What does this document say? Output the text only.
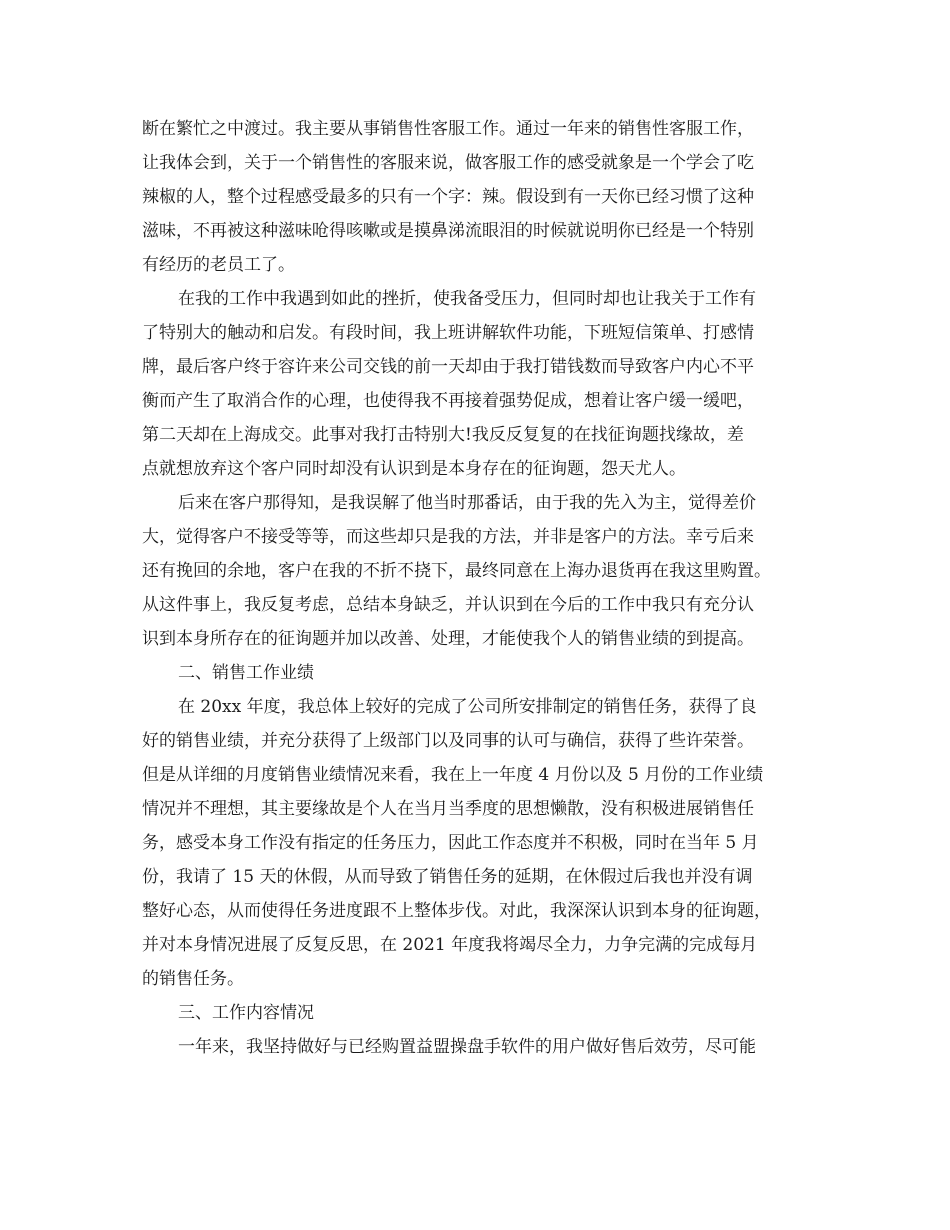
断在繁忙之中渡过。我主要从事销售性客服工作。通过一年来的销售性客服工作，
让我体会到，关于一个销售性的客服来说，做客服工作的感受就象是一个学会了吃
辣椒的人，整个过程感受最多的只有一个字：辣。假设到有一天你已经习惯了这种
滋味，不再被这种滋味呛得咳嗽或是摸鼻涕流眼泪的时候就说明你已经是一个特别
有经历的老员工了。
在我的工作中我遇到如此的挫折，使我备受压力，但同时却也让我关于工作有
了特别大的触动和启发。有段时间，我上班讲解软件功能，下班短信策单、打感情
牌，最后客户终于容许来公司交钱的前一天却由于我打错钱数而导致客户内心不平
衡而产生了取消合作的心理，也使得我不再接着强势促成，想着让客户缓一缓吧，
第二天却在上海成交。此事对我打击特别大!我反反复复的在找征询题找缘故，差
点就想放弃这个客户同时却没有认识到是本身存在的征询题，怨天尤人。
后来在客户那得知，是我误解了他当时那番话，由于我的先入为主，觉得差价
大，觉得客户不接受等等，而这些却只是我的方法，并非是客户的方法。幸亏后来
还有挽回的余地，客户在我的不折不挠下，最终同意在上海办退货再在我这里购置。
从这件事上，我反复考虑，总结本身缺乏，并认识到在今后的工作中我只有充分认
识到本身所存在的征询题并加以改善、处理，才能使我个人的销售业绩的到提高。
二、销售工作业绩
在 20xx 年度，我总体上较好的完成了公司所安排制定的销售任务，获得了良
好的销售业绩，并充分获得了上级部门以及同事的认可与确信，获得了些许荣誉。
但是从详细的月度销售业绩情况来看，我在上一年度 4 月份以及 5 月份的工作业绩
情况并不理想，其主要缘故是个人在当月当季度的思想懒散，没有积极进展销售任
务，感受本身工作没有指定的任务压力，因此工作态度并不积极，同时在当年 5 月
份，我请了 15 天的休假，从而导致了销售任务的延期，在休假过后我也并没有调
整好心态，从而使得任务进度跟不上整体步伐。对此，我深深认识到本身的征询题，
并对本身情况进展了反复反思，在 2021 年度我将竭尽全力，力争完满的完成每月
的销售任务。
三、工作内容情况
一年来，我坚持做好与已经购置益盟操盘手软件的用户做好售后效劳，尽可能
